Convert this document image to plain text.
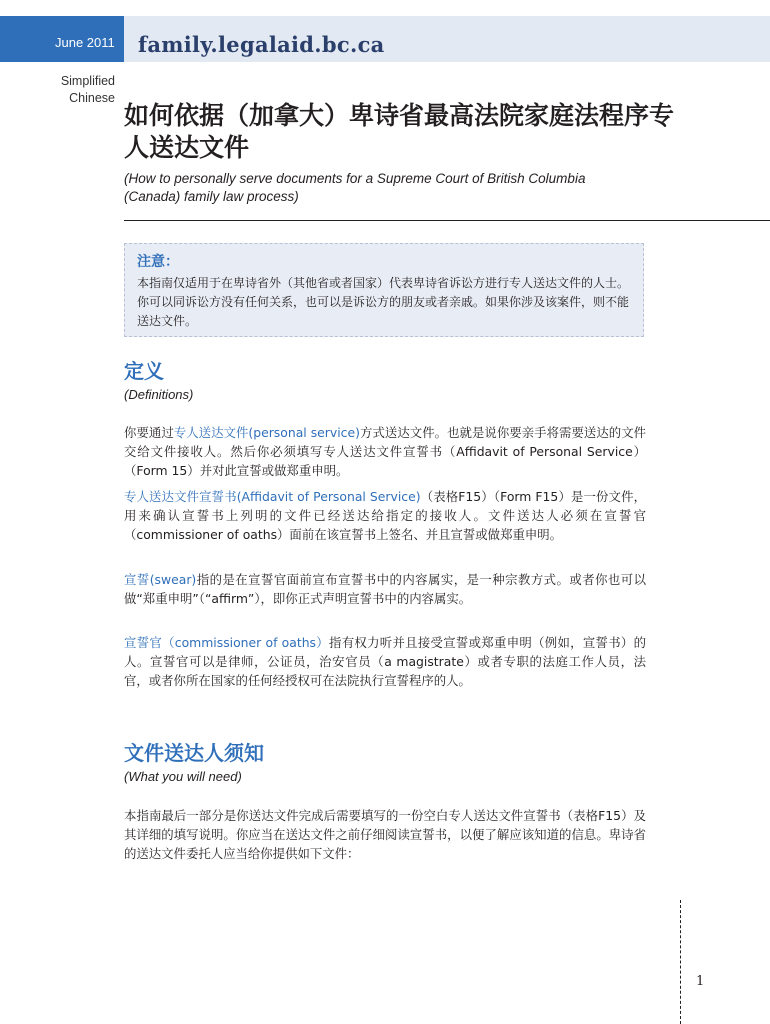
June 2011 family.legalaid.bc.ca
Simplified
Chinese
如何依据（加拿大）卑诗省最高法院家庭法程序专人送达文件

(How to personally serve documents for a Supreme Court of British Columbia (Canada) family law process)

注意：
本指南仅适用于在卑诗省外（其他省或者国家）代表卑诗省诉讼方进行专人送达文件的人士。你可以同诉讼方没有任何关系，也可以是诉讼方的朋友或者亲戚。如果你涉及该案件，则不能送达文件。
定义

(Definitions)

你要通过专人送达文件(personal service)方式送达文件。也就是说你要亲手将需要送达的文件交给文件接收人。然后你必须填写专人送达文件宣誓书（Affidavit of Personal Service）（Form 15）并对此宣誓或做郑重申明。

专人送达文件宣誓书(Affidavit of Personal Service)（表格F15）（Form F15）是一份文件，用来确认宣誓书上列明的文件已经送达给指定的接收人。文件送达人必须在宣誓官（commissioner of oaths）面前在该宣誓书上签名、并且宣誓或做郑重申明。

宣誓(swear)指的是在宣誓官面前宣布宣誓书中的内容属实，是一种宗教方式。或者你也可以做“郑重申明”（“affirm”），即你正式声明宣誓书中的内容属实。

宣誓官（commissioner of oaths）指有权力听并且接受宣誓或郑重申明（例如，宣誓书）的人。宣誓官可以是律师，公证员，治安官员（a magistrate）或者专职的法庭工作人员，法官，或者你所在国家的任何经授权可在法院执行宣誓程序的人。

文件送达人须知

(What you will need)

本指南最后一部分是你送达文件完成后需要填写的一份空白专人送达文件宣誓书（表格F15）及其详细的填写说明。你应当在送达文件之前仔细阅读宣誓书，以便了解应该知道的信息。卑诗省的送达文件委托人应当给你提供如下文件：

1
